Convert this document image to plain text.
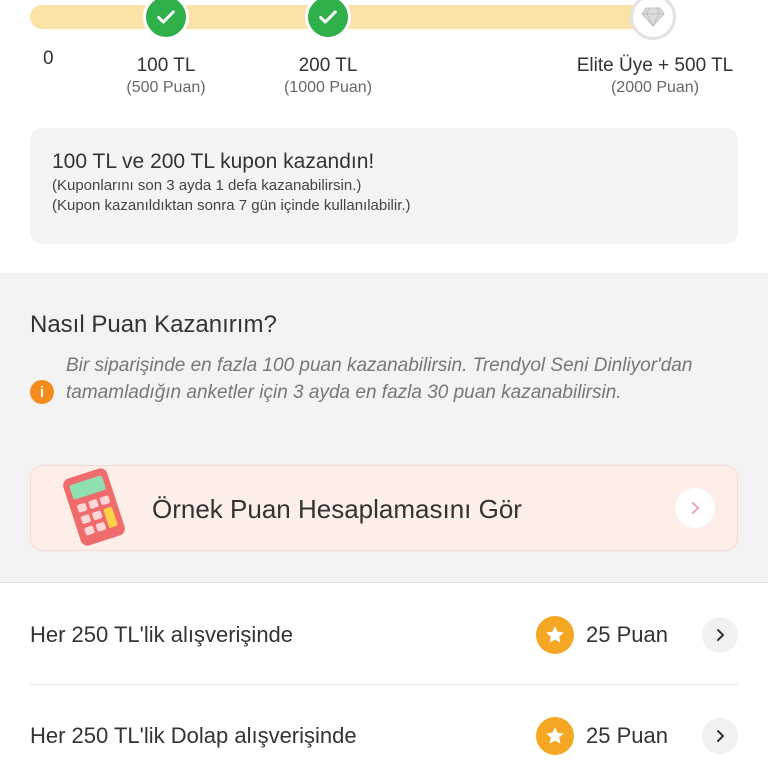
0	100 TL
(500 Puan)
200 TL
(1000 Puan)
Elite Üye + 500 TL
(2000 Puan)
100 TL ve 200 TL kupon kazandın!
(Kuponlarını son 3 ayda 1 defa kazanabilirsin.)
(Kupon kazanıldıktan sonra 7 gün içinde kullanılabilir.)
Nasıl Puan Kazanırım?
i
Bir siparişinde en fazla 100 puan kazanabilirsin. Trendyol Seni Dinliyor'dan tamamladığın anketler için 3 ayda en fazla 30 puan kazanabilirsin.
Örnek Puan Hesaplamasını Gör
Her 250 TL'lik alışverişinde	25 Puan
Her 250 TL'lik Dolap alışverişinde	25 Puan
